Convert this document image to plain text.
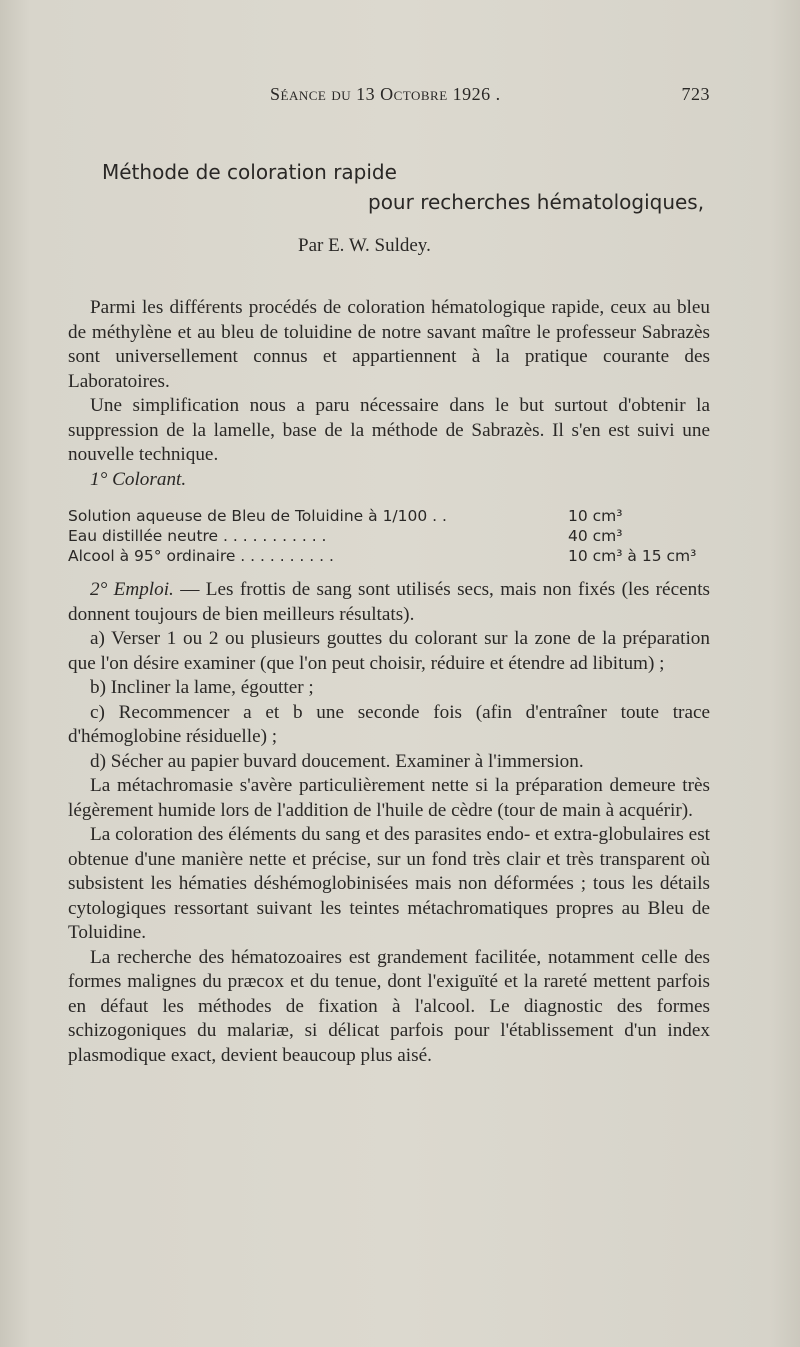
Séance du 13 Octobre 1926 .	723
Méthode de coloration rapide
pour recherches hématologiques,
Par E. W. Suldey.

Parmi les différents procédés de coloration hématologique rapide, ceux au bleu de méthylène et au bleu de toluidine de notre savant maître le professeur Sabrazès sont universellement connus et appartiennent à la pratique courante des Laboratoires.

Une simplification nous a paru nécessaire dans le but surtout d'obtenir la suppression de la lamelle, base de la méthode de Sabrazès. Il s'en est suivi une nouvelle technique.

1° Colorant.

Solution aqueuse de Bleu de Toluidine à 1/100 . .	10 cm³
Eau distillée neutre . . . . . . . . . . .	40 cm³
Alcool à 95° ordinaire . . . . . . . . . .	10 cm³ à 15 cm³

2° Emploi. — Les frottis de sang sont utilisés secs, mais non fixés (les récents donnent toujours de bien meilleurs résultats).

a) Verser 1 ou 2 ou plusieurs gouttes du colorant sur la zone de la préparation que l'on désire examiner (que l'on peut choisir, réduire et étendre ad libitum) ;

b) Incliner la lame, égoutter ;

c) Recommencer a et b une seconde fois (afin d'entraîner toute trace d'hémoglobine résiduelle) ;

d) Sécher au papier buvard doucement. Examiner à l'immersion.

La métachromasie s'avère particulièrement nette si la préparation demeure très légèrement humide lors de l'addition de l'huile de cèdre (tour de main à acquérir).

La coloration des éléments du sang et des parasites endo- et extra-globulaires est obtenue d'une manière nette et précise, sur un fond très clair et très transparent où subsistent les hématies déshémoglobinisées mais non déformées ; tous les détails cytologiques ressortant suivant les teintes métachromatiques propres au Bleu de Toluidine.

La recherche des hématozoaires est grandement facilitée, notamment celle des formes malignes du præcox et du tenue, dont l'exiguïté et la rareté mettent parfois en défaut les méthodes de fixation à l'alcool. Le diagnostic des formes schizogoniques du malariæ, si délicat parfois pour l'établissement d'un index plasmodique exact, devient beaucoup plus aisé.
